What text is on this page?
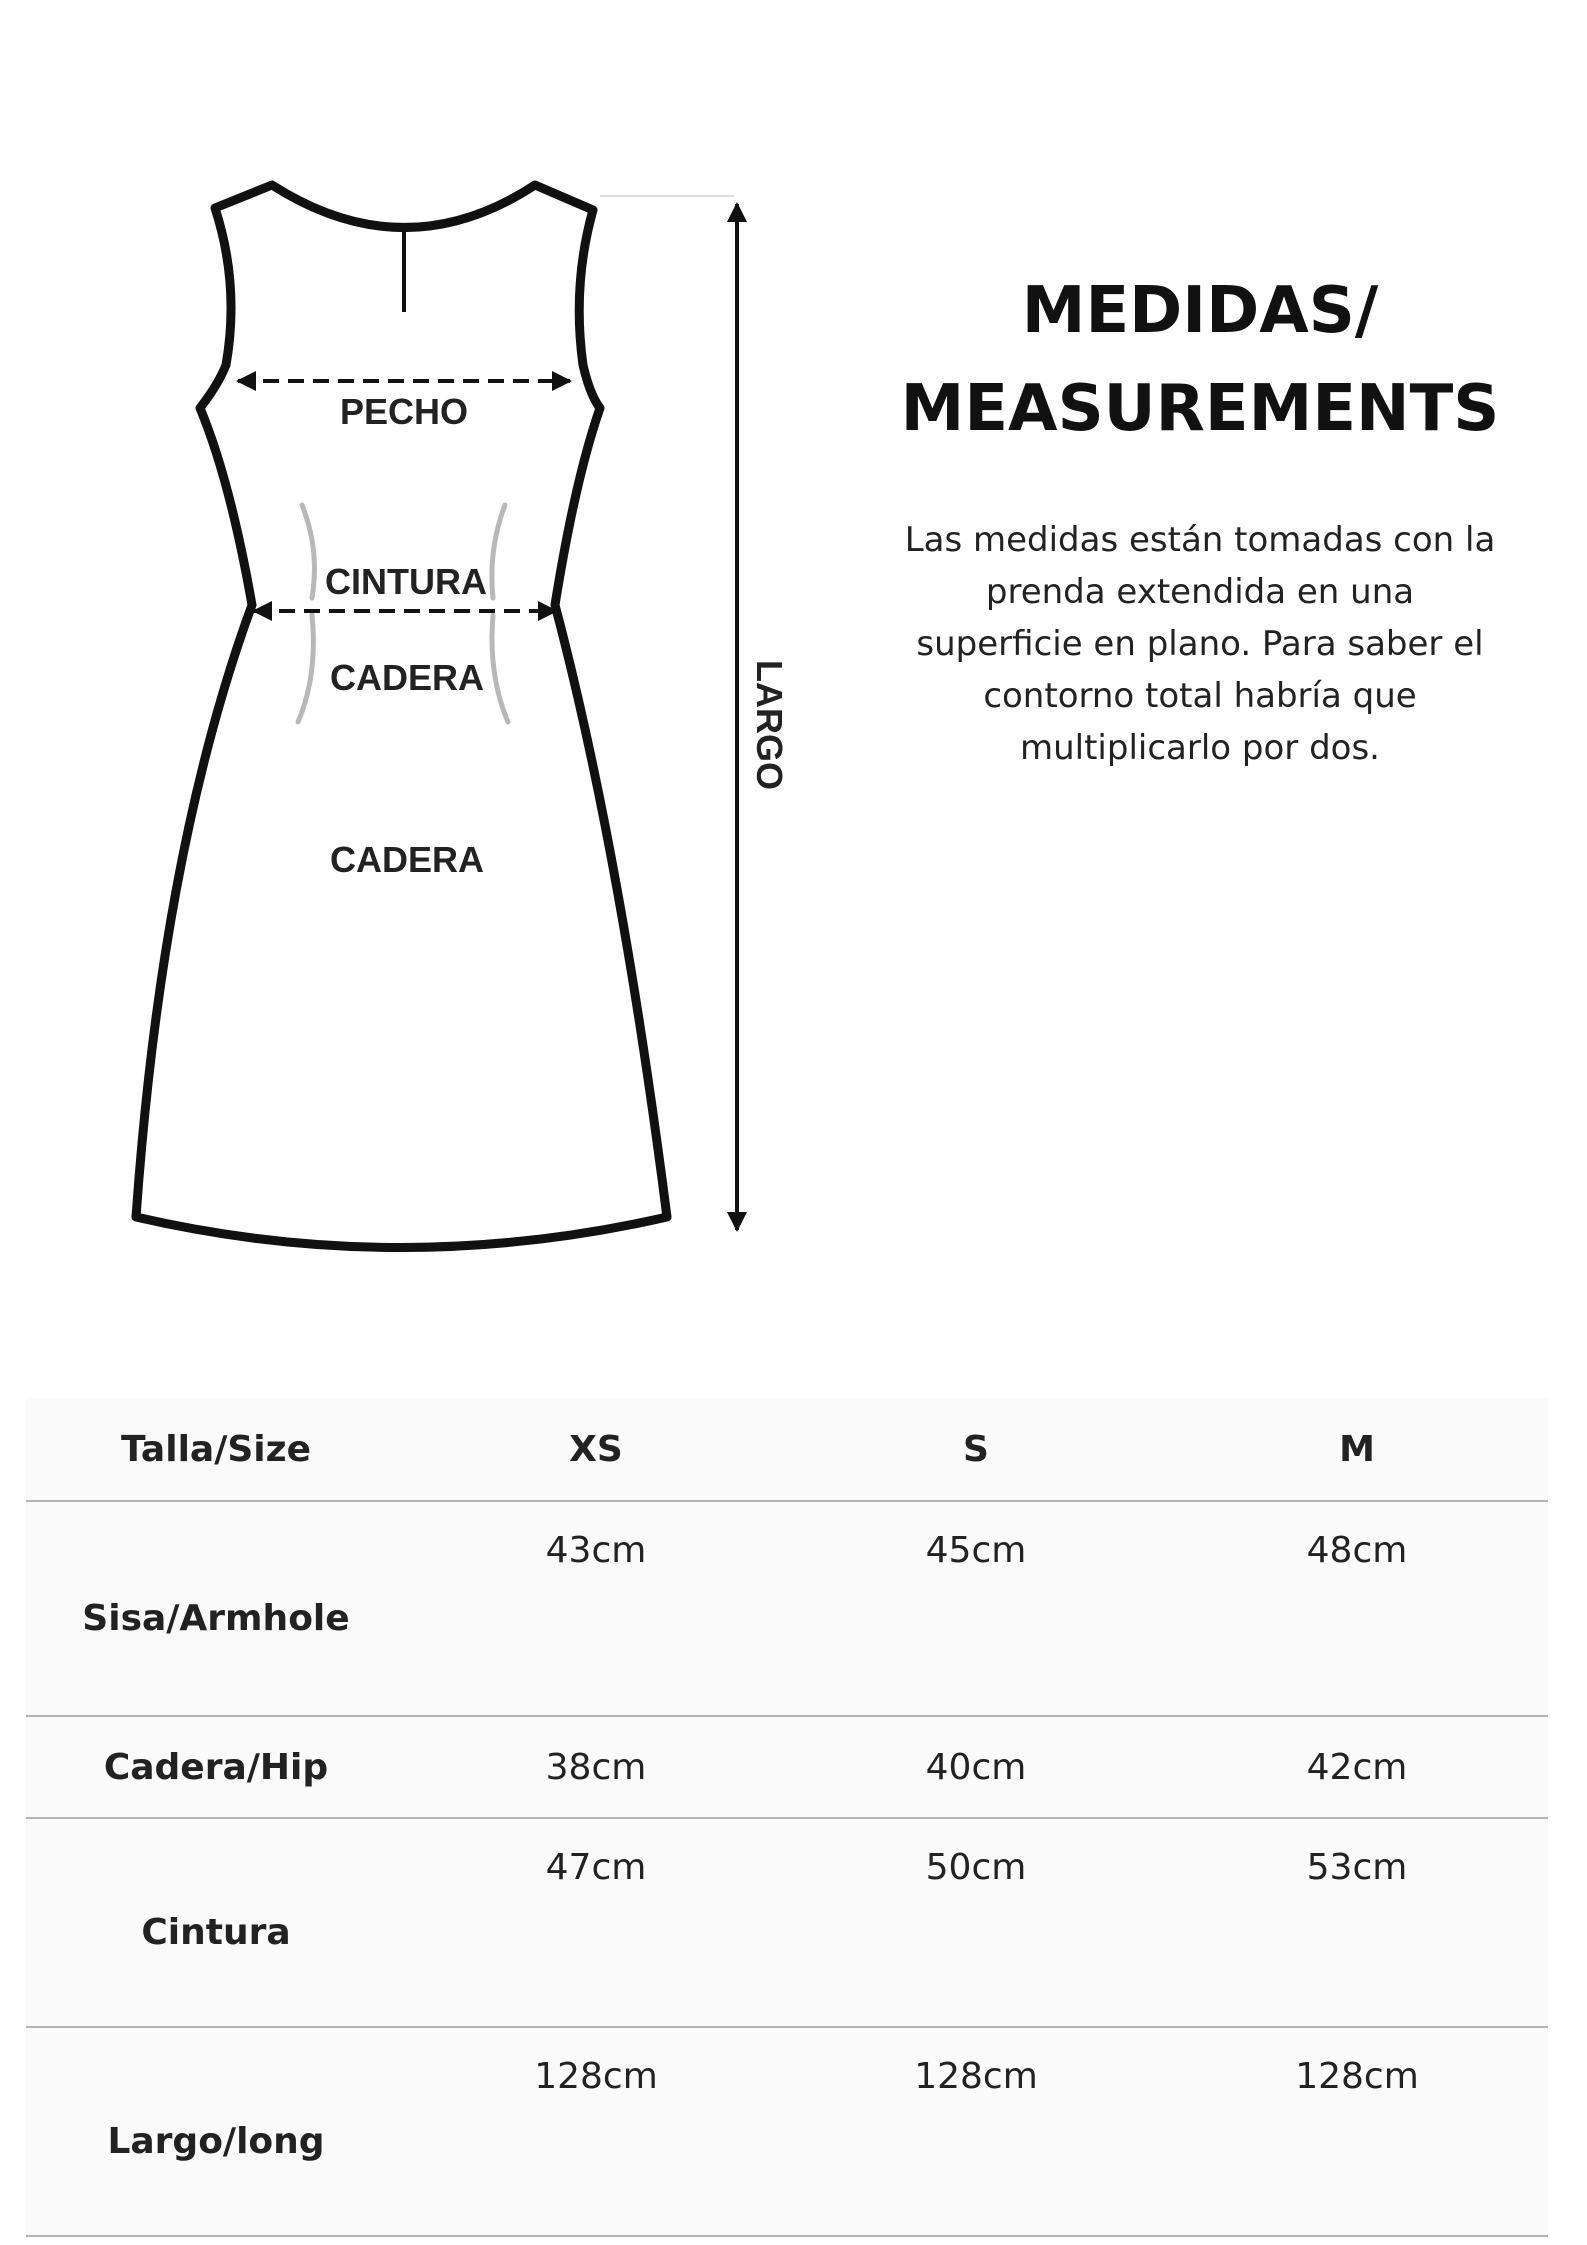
PECHO
CINTURA
CADERA
CADERA
LARGO
MEDIDAS/
MEASUREMENTS

Las medidas están tomadas con la
prenda extendida en una
superficie en plano. Para saber el
contorno total habría que
multiplicarlo por dos.

Talla/Size	XS	S	M
Sisa/Armhole	43cm	45cm	48cm
Cadera/Hip	38cm	40cm	42cm
Cintura	47cm	50cm	53cm
Largo/long	128cm	128cm	128cm
